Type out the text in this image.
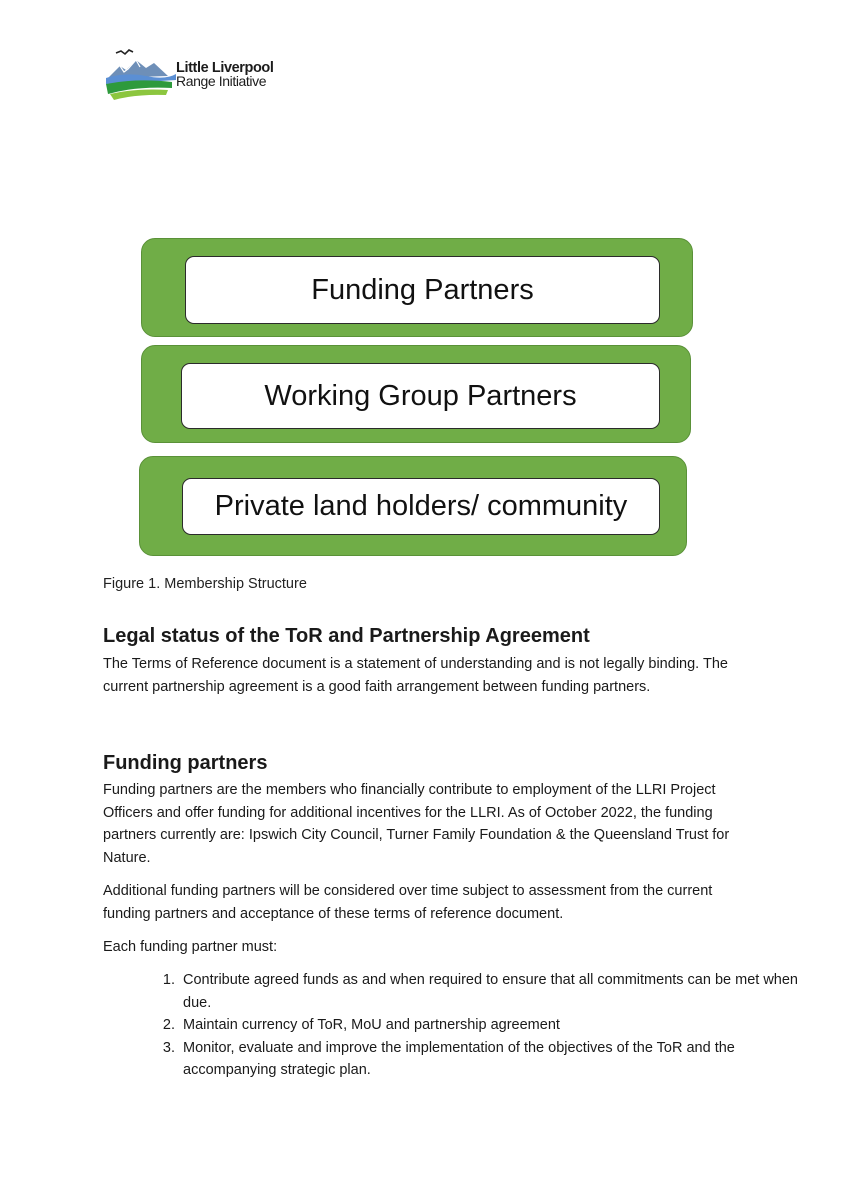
Little Liverpool
Range Initiative
Funding Partners
Working Group Partners
Private land holders/ community
Figure 1. Membership Structure
Legal status of the ToR and Partnership Agreement

The Terms of Reference document is a statement of understanding and is not legally binding. The current partnership agreement is a good faith arrangement between funding partners.

Funding partners

Funding partners are the members who financially contribute to employment of the LLRI Project Officers and offer funding for additional incentives for the LLRI. As of October 2022, the funding partners currently are: Ipswich City Council, Turner Family Foundation & the Queensland Trust for Nature.

Additional funding partners will be considered over time subject to assessment from the current funding partners and acceptance of these terms of reference document.

Each funding partner must:

1. Contribute agreed funds as and when required to ensure that all commitments can be met when due.
2. Maintain currency of ToR, MoU and partnership agreement
3. Monitor, evaluate and improve the implementation of the objectives of the ToR and the accompanying strategic plan.
